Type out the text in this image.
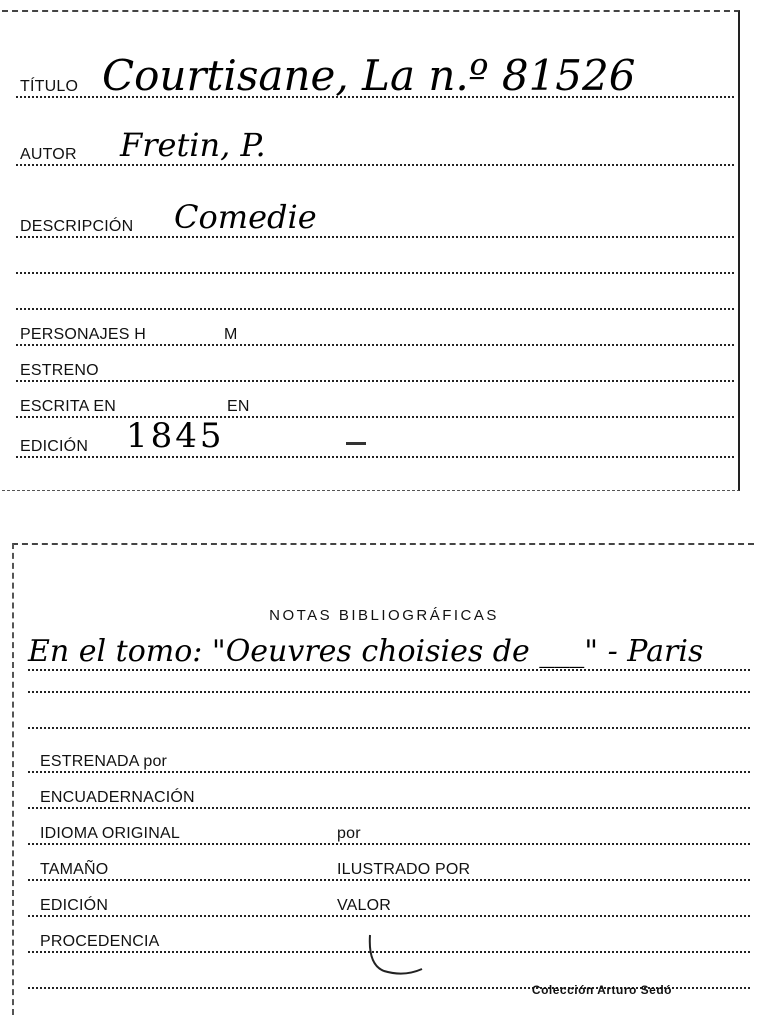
TÍTULO Courtisane, La n.º 81526
AUTOR Fretin, P.
DESCRIPCIÓN Comedie
PERSONAJES H	M
ESTRENO
ESCRITA EN	EN
EDICIÓN 1845
NOTAS BIBLIOGRÁFICAS
En el tomo: "Oeuvres choisies de ___" - Paris
ESTRENADA por
ENCUADERNACIÓN
IDIOMA ORIGINAL	por
TAMAÑO	ILUSTRADO POR
EDICIÓN	VALOR
PROCEDENCIA
Colección Arturo Sedó
